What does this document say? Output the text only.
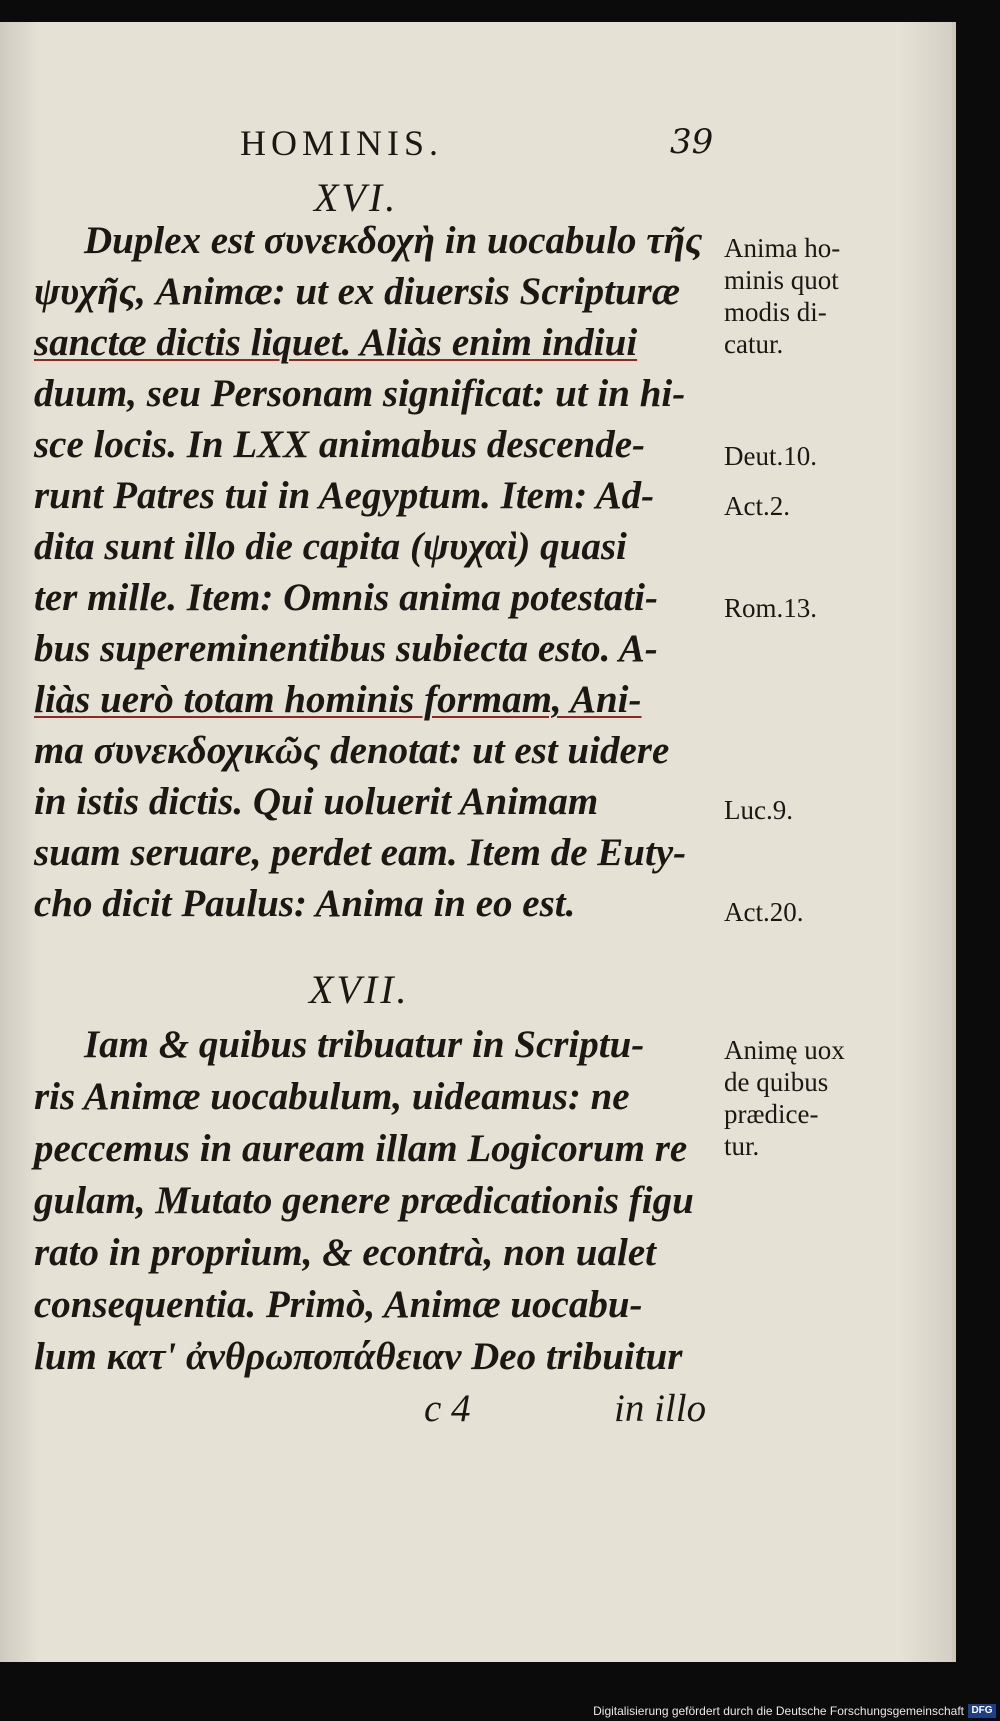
HOMINIS.	39
XVI.
Duplex est συνεκδοχὴ in uocabulo τῆς
ψυχῆς, Animæ: ut ex diuersis Scripturæ
sanctæ dictis liquet. Aliàs enim indiui
duum, seu Personam significat: ut in hi-
sce locis. In LXX animabus descende-
runt Patres tui in Aegyptum. Item: Ad-
dita sunt illo die capita (ψυχαὶ) quasi
ter mille. Item: Omnis anima potestati-
bus supereminentibus subiecta esto. A-
liàs uerò totam hominis formam, Ani-
ma συνεκδοχικῶς denotat: ut est uidere
in istis dictis. Qui uoluerit Animam
suam seruare, perdet eam. Item de Euty-
cho dicit Paulus: Anima in eo est.
XVII.
Iam & quibus tribuatur in Scriptu-
ris Animæ uocabulum, uideamus: ne
peccemus in auream illam Logicorum re
gulam, Mutato genere prædicationis figu
rato in proprium, & econtrà, non ualet
consequentia. Primò, Animæ uocabu-
lum κατ' ἀνθρωποπάθειαν Deo tribuitur
c 4	in illo
Anima ho-
minis quot
modis di-
catur.
Deut.10.
Act.2.
Rom.13.
Luc.9.
Act.20.
Animę uox
de quibus
prædice-
tur.
Digitalisierung gefördert durch die Deutsche Forschungsgemeinschaft DFG
